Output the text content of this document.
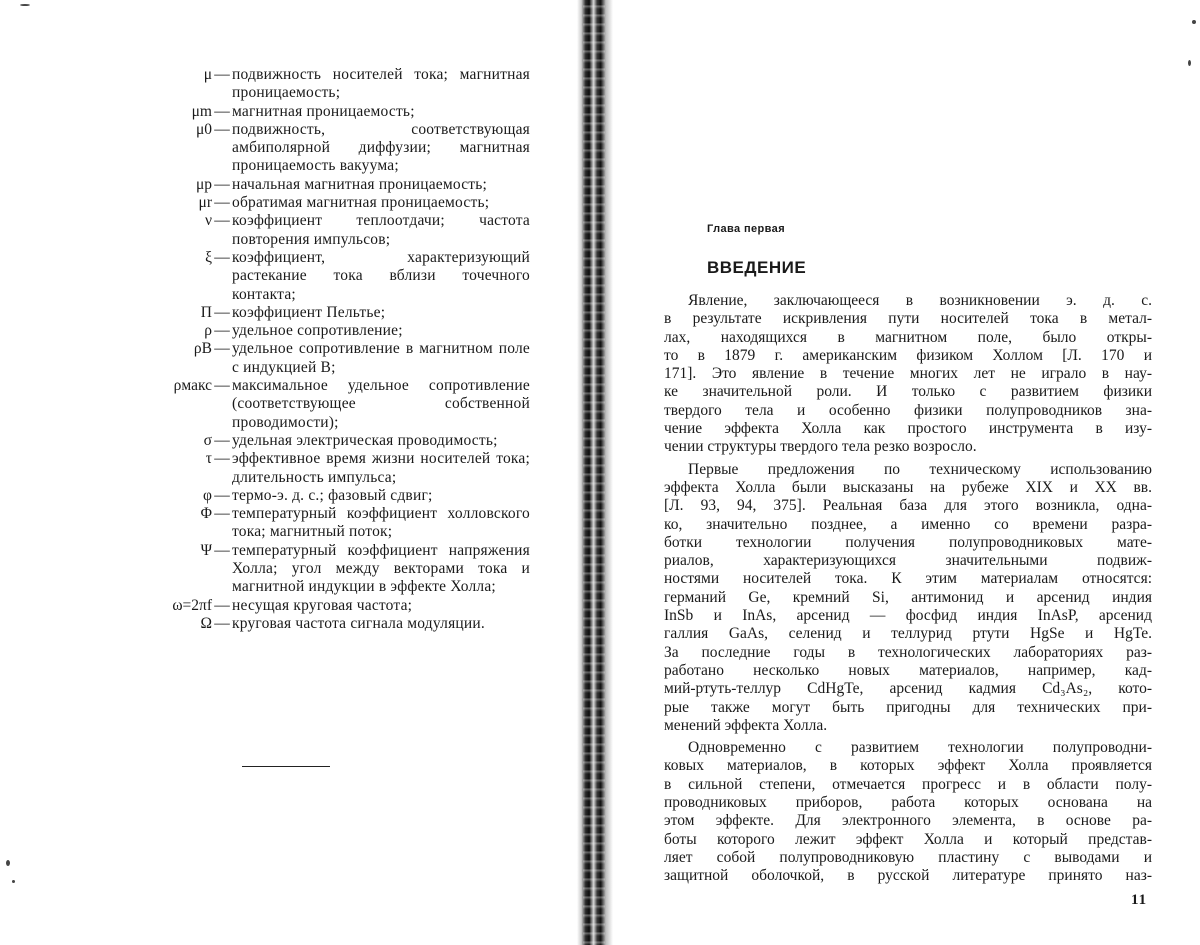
μ — подвижность носителей тока; магнитная проницаемость;
μm — магнитная проницаемость;
μ0 — подвижность, соответствующая амбиполярной диффузии; магнитная проницаемость вакуума;
μp — начальная магнитная проницаемость;
μr — обратимая магнитная проницаемость;
ν — коэффициент теплоотдачи; частота повторения импульсов;
ξ — коэффициент, характеризующий растекание тока вблизи точечного контакта;
Π — коэффициент Пельтье;
ρ — удельное сопротивление;
ρB — удельное сопротивление в магнитном поле с индукцией B;
ρмакс — максимальное удельное сопротивление (соответствующее собственной проводимости);
σ — удельная электрическая проводимость;
τ — эффективное время жизни носителей тока; длительность импульса;
φ — термо-э. д. с.; фазовый сдвиг;
Φ — температурный коэффициент холловского тока; магнитный поток;
Ψ — температурный коэффициент напряжения Холла; угол между векторами тока и магнитной индукции в эффекте Холла;
ω=2πf — несущая круговая частота;
Ω — круговая частота сигнала модуляции.
Глава первая
ВВЕДЕНИЕ
Явление, заключающееся в возникновении э. д. с.
в результате искривления пути носителей тока в метал-
лах, находящихся в магнитном поле, было откры-
то в 1879 г. американским физиком Холлом [Л. 170 и
171]. Это явление в течение многих лет не играло в нау-
ке значительной роли. И только с развитием физики
твердого тела и особенно физики полупроводников зна-
чение эффекта Холла как простого инструмента в изу-
чении структуры твердого тела резко возросло.
Первые предложения по техническому использованию
эффекта Холла были высказаны на рубеже XIX и XX вв.
[Л. 93, 94, 375]. Реальная база для этого возникла, одна-
ко, значительно позднее, а именно со времени разра-
ботки технологии получения полупроводниковых мате-
риалов, характеризующихся значительными подвиж-
ностями носителей тока. К этим материалам относятся:
германий Ge, кремний Si, антимонид и арсенид индия
InSb и InAs, арсенид — фосфид индия InAsP, арсенид
галлия GaAs, селенид и теллурид ртути HgSe и HgTe.
За последние годы в технологических лабораториях раз-
работано несколько новых материалов, например, кад-
мий-ртуть-теллур CdHgTe, арсенид кадмия Cd₃As₂, кото-
рые также могут быть пригодны для технических при-
менений эффекта Холла.
Одновременно с развитием технологии полупроводни-
ковых материалов, в которых эффект Холла проявляется
в сильной степени, отмечается прогресс и в области полу-
проводниковых приборов, работа которых основана на
этом эффекте. Для электронного элемента, в основе ра-
боты которого лежит эффект Холла и который представ-
ляет собой полупроводниковую пластину с выводами и
защитной оболочкой, в русской литературе принято наз-
11
